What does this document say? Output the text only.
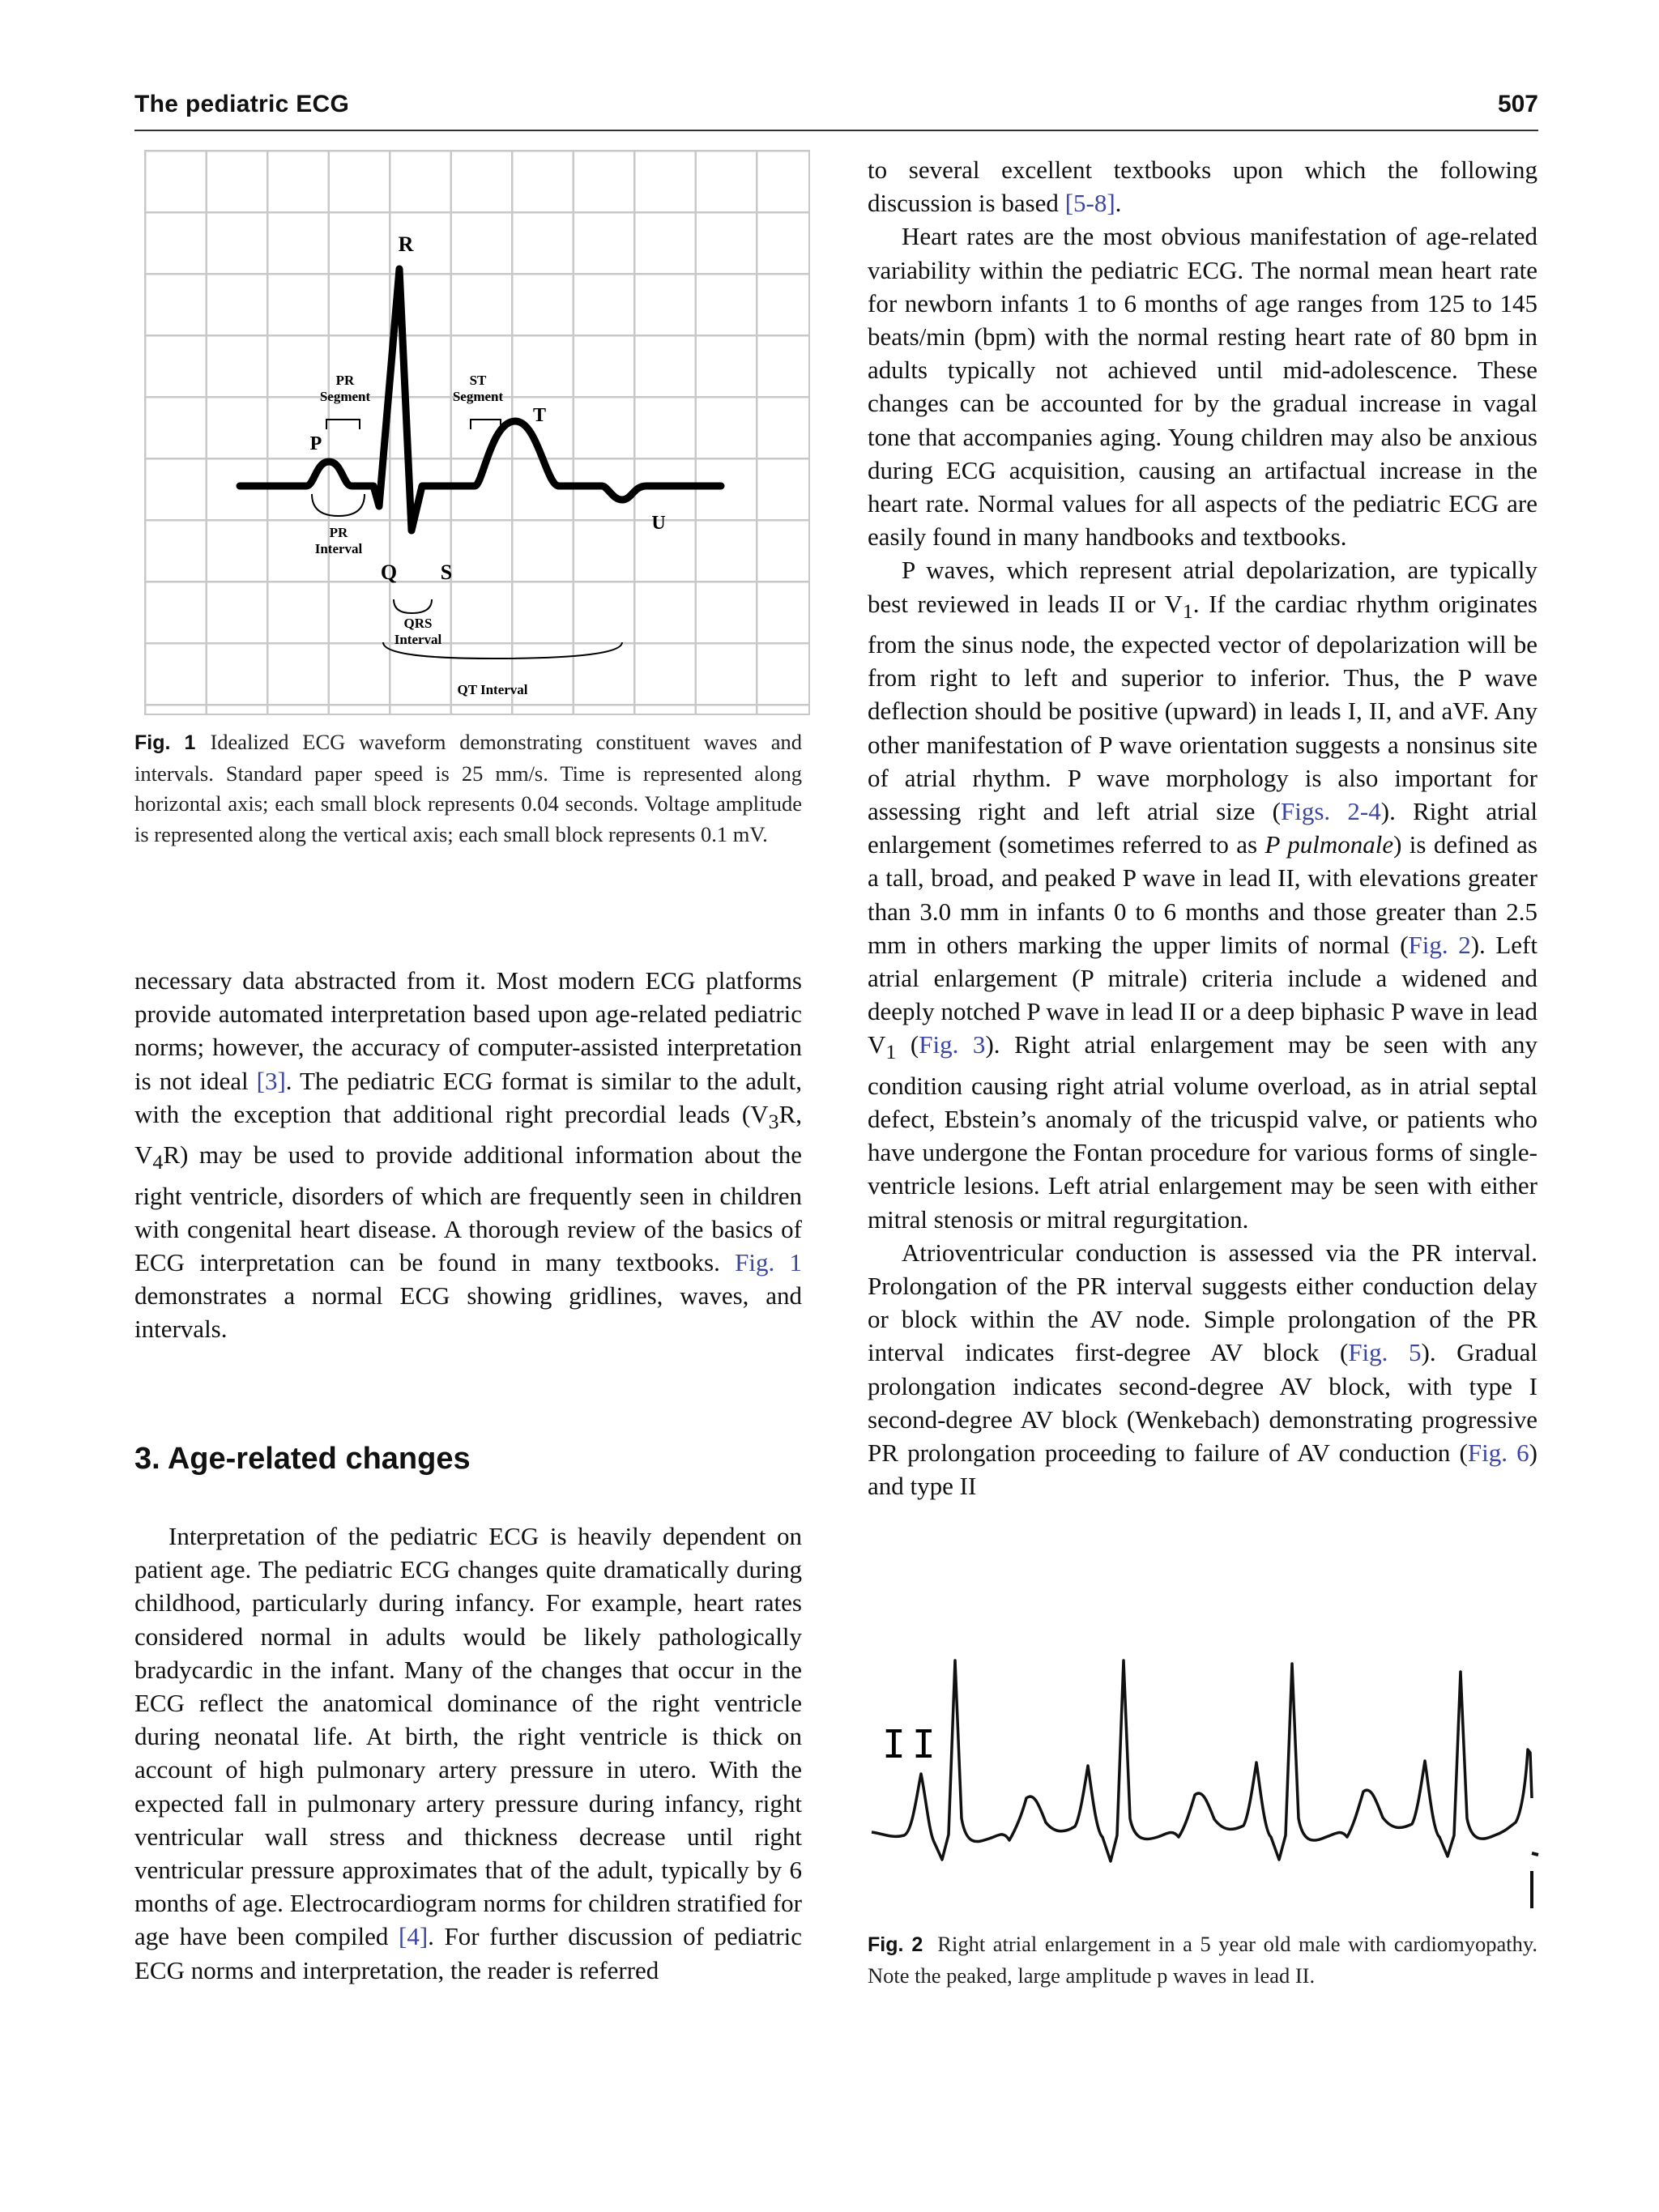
The pediatric ECG	507
R
P
T
U
Q S
PR
Segment
ST
Segment
PR
Interval
QRS
Interval
QT Interval

Fig. 1 Idealized ECG waveform demonstrating constituent waves and intervals. Standard paper speed is 25 mm/s. Time is represented along horizontal axis; each small block represents 0.04 seconds. Voltage amplitude is represented along the vertical axis; each small block represents 0.1 mV.

necessary data abstracted from it. Most modern ECG platforms provide automated interpretation based upon age-related pediatric norms; however, the accuracy of computer-assisted interpretation is not ideal [3]. The pediatric ECG format is similar to the adult, with the exception that additional right precordial leads ($V_3R$, $V_4R$) may be used to provide additional information about the right ventricle, disorders of which are frequently seen in children with congenital heart disease. A thorough review of the basics of ECG interpretation can be found in many textbooks. Fig. 1 demonstrates a normal ECG showing gridlines, waves, and intervals.

3. Age-related changes

Interpretation of the pediatric ECG is heavily dependent on patient age. The pediatric ECG changes quite dramatically during childhood, particularly during infancy. For example, heart rates considered normal in adults would be likely pathologically bradycardic in the infant. Many of the changes that occur in the ECG reflect the anatomical dominance of the right ventricle during neonatal life. At birth, the right ventricle is thick on account of high pulmonary artery pressure in utero. With the expected fall in pulmonary artery pressure during infancy, right ventricular wall stress and thickness decrease until right ventricular pressure approximates that of the adult, typically by 6 months of age. Electrocardiogram norms for children stratified for age have been compiled [4]. For further discussion of pediatric ECG norms and interpretation, the reader is referred

to several excellent textbooks upon which the following discussion is based [5-8].

Heart rates are the most obvious manifestation of age-related variability within the pediatric ECG. The normal mean heart rate for newborn infants 1 to 6 months of age ranges from 125 to 145 beats/min (bpm) with the normal resting heart rate of 80 bpm in adults typically not achieved until mid-adolescence. These changes can be accounted for by the gradual increase in vagal tone that accompanies aging. Young children may also be anxious during ECG acquisition, causing an artifactual increase in the heart rate. Normal values for all aspects of the pediatric ECG are easily found in many handbooks and textbooks.

P waves, which represent atrial depolarization, are typically best reviewed in leads II or $V_1$. If the cardiac rhythm originates from the sinus node, the expected vector of depolarization will be from right to left and superior to inferior. Thus, the P wave deflection should be positive (upward) in leads I, II, and aVF. Any other manifestation of P wave orientation suggests a nonsinus site of atrial rhythm. P wave morphology is also important for assessing right and left atrial size (Figs. 2-4). Right atrial enlargement (sometimes referred to as P pulmonale) is defined as a tall, broad, and peaked P wave in lead II, with elevations greater than 3.0 mm in infants 0 to 6 months and those greater than 2.5 mm in others marking the upper limits of normal (Fig. 2). Left atrial enlargement (P mitrale) criteria include a widened and deeply notched P wave in lead II or a deep biphasic P wave in lead $V_1$ (Fig. 3). Right atrial enlargement may be seen with any condition causing right atrial volume overload, as in atrial septal defect, Ebstein’s anomaly of the tricuspid valve, or patients who have undergone the Fontan procedure for various forms of single-ventricle lesions. Left atrial enlargement may be seen with either mitral stenosis or mitral regurgitation.

Atrioventricular conduction is assessed via the PR interval. Prolongation of the PR interval suggests either conduction delay or block within the AV node. Simple prolongation of the PR interval indicates first-degree AV block (Fig. 5). Gradual prolongation indicates second-degree AV block, with type I second-degree AV block (Wenkebach) demonstrating progressive PR prolongation proceeding to failure of AV conduction (Fig. 6) and type II

II

Fig. 2 Right atrial enlargement in a 5 year old male with cardiomyopathy. Note the peaked, large amplitude p waves in lead II.
